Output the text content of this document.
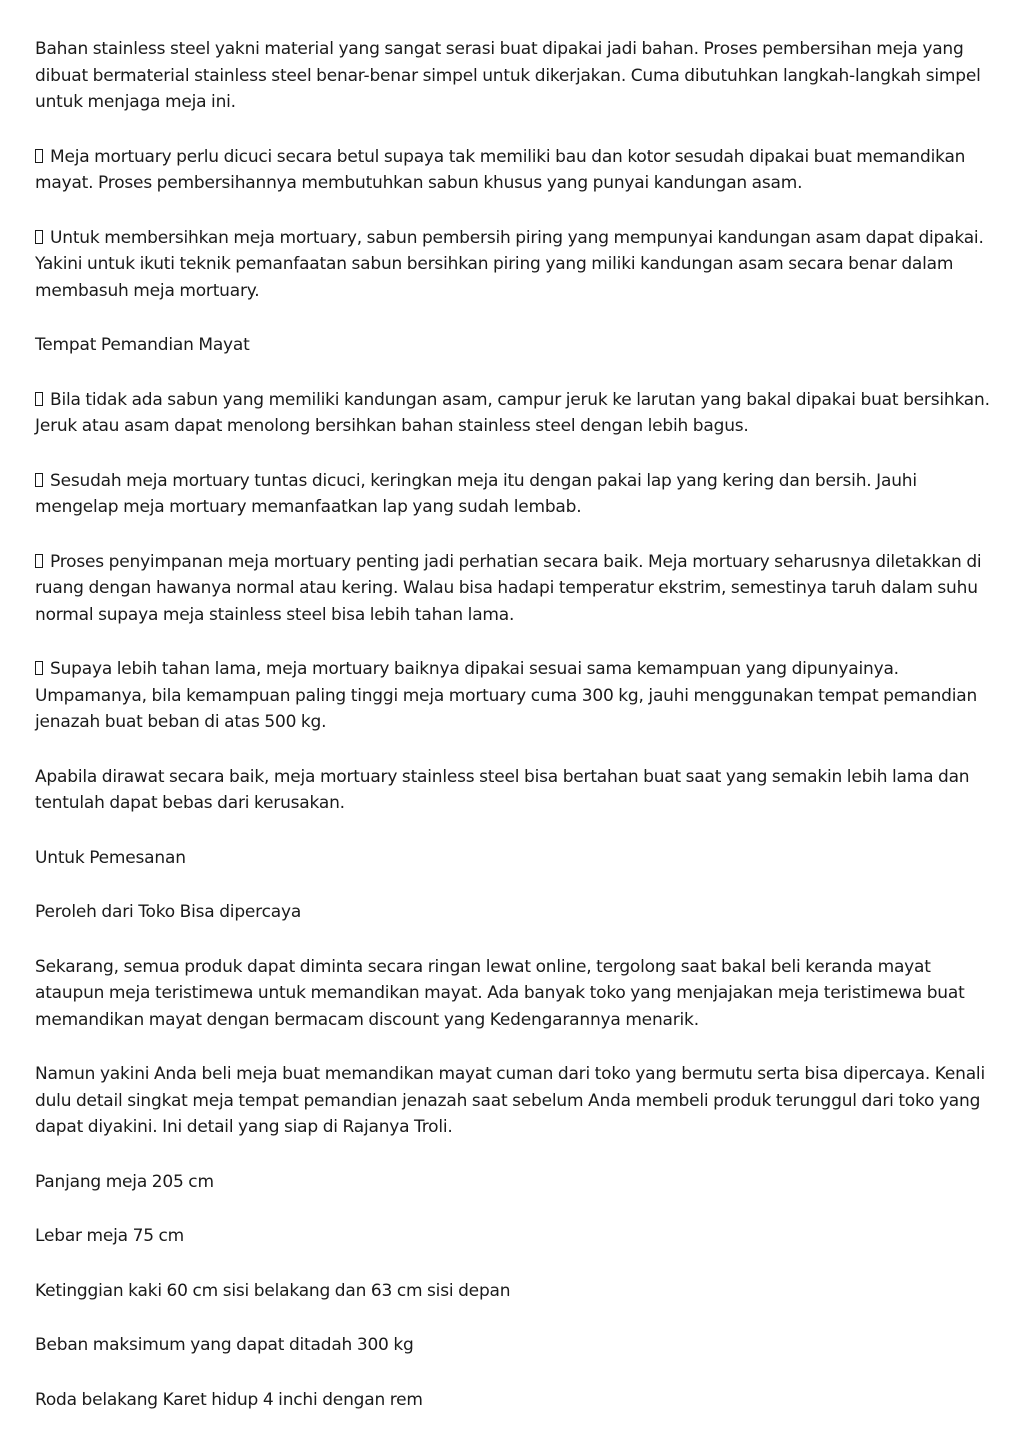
Bahan stainless steel yakni material yang sangat serasi buat dipakai jadi bahan. Proses pembersihan meja yang dibuat bermaterial stainless steel benar-benar simpel untuk dikerjakan. Cuma dibutuhkan langkah-langkah simpel untuk menjaga meja ini.

Meja mortuary perlu dicuci secara betul supaya tak memiliki bau dan kotor sesudah dipakai buat memandikan mayat. Proses pembersihannya membutuhkan sabun khusus yang punyai kandungan asam.

Untuk membersihkan meja mortuary, sabun pembersih piring yang mempunyai kandungan asam dapat dipakai. Yakini untuk ikuti teknik pemanfaatan sabun bersihkan piring yang miliki kandungan asam secara benar dalam membasuh meja mortuary.

Tempat Pemandian Mayat

Bila tidak ada sabun yang memiliki kandungan asam, campur jeruk ke larutan yang bakal dipakai buat bersihkan. Jeruk atau asam dapat menolong bersihkan bahan stainless steel dengan lebih bagus.

Sesudah meja mortuary tuntas dicuci, keringkan meja itu dengan pakai lap yang kering dan bersih. Jauhi mengelap meja mortuary memanfaatkan lap yang sudah lembab.

Proses penyimpanan meja mortuary penting jadi perhatian secara baik. Meja mortuary seharusnya diletakkan di ruang dengan hawanya normal atau kering. Walau bisa hadapi temperatur ekstrim, semestinya taruh dalam suhu normal supaya meja stainless steel bisa lebih tahan lama.

Supaya lebih tahan lama, meja mortuary baiknya dipakai sesuai sama kemampuan yang dipunyainya. Umpamanya, bila kemampuan paling tinggi meja mortuary cuma 300 kg, jauhi menggunakan tempat pemandian jenazah buat beban di atas 500 kg.

Apabila dirawat secara baik, meja mortuary stainless steel bisa bertahan buat saat yang semakin lebih lama dan tentulah dapat bebas dari kerusakan.

Untuk Pemesanan

Peroleh dari Toko Bisa dipercaya

Sekarang, semua produk dapat diminta secara ringan lewat online, tergolong saat bakal beli keranda mayat ataupun meja teristimewa untuk memandikan mayat. Ada banyak toko yang menjajakan meja teristimewa buat memandikan mayat dengan bermacam discount yang Kedengarannya menarik.

Namun yakini Anda beli meja buat memandikan mayat cuman dari toko yang bermutu serta bisa dipercaya. Kenali dulu detail singkat meja tempat pemandian jenazah saat sebelum Anda membeli produk terunggul dari toko yang dapat diyakini. Ini detail yang siap di Rajanya Troli.

Panjang meja 205 cm

Lebar meja 75 cm

Ketinggian kaki 60 cm sisi belakang dan 63 cm sisi depan

Beban maksimum yang dapat ditadah 300 kg

Roda belakang Karet hidup 4 inchi dengan rem
